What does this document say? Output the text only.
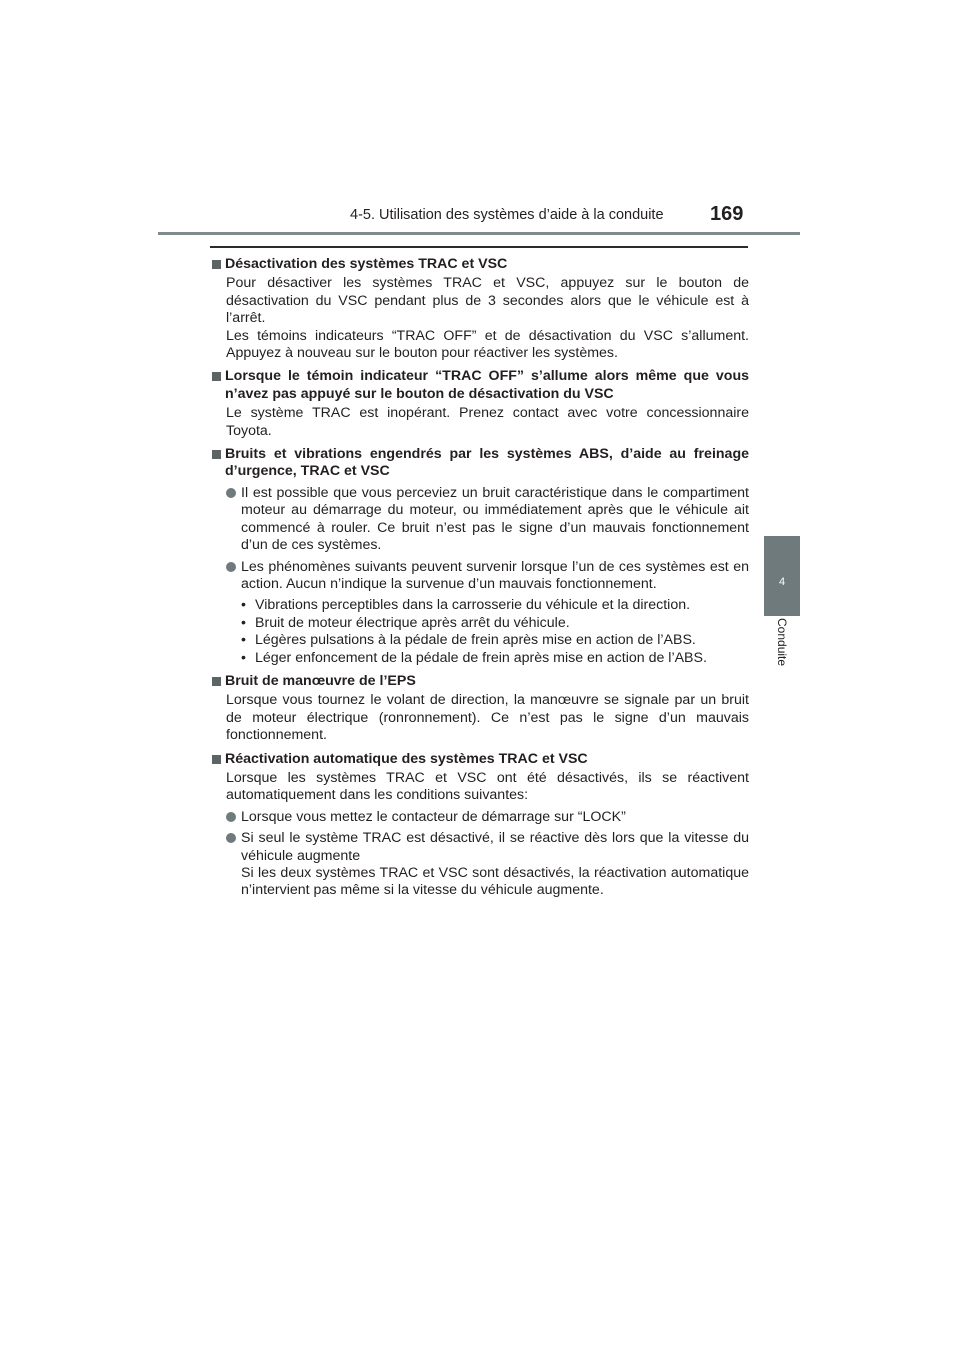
4-5. Utilisation des systèmes d’aide à la conduite 169
4
Conduite
Désactivation des systèmes TRAC et VSC
Pour désactiver les systèmes TRAC et VSC, appuyez sur le bouton de désactivation du VSC pendant plus de 3 secondes alors que le véhicule est à l’arrêt.
Les témoins indicateurs “TRAC OFF” et de désactivation du VSC s’allument. Appuyez à nouveau sur le bouton pour réactiver les systèmes.
Lorsque le témoin indicateur “TRAC OFF” s’allume alors même que vous n’avez pas appuyé sur le bouton de désactivation du VSC
Le système TRAC est inopérant. Prenez contact avec votre concessionnaire Toyota.
Bruits et vibrations engendrés par les systèmes ABS, d’aide au freinage d’urgence, TRAC et VSC
Il est possible que vous perceviez un bruit caractéristique dans le compartiment moteur au démarrage du moteur, ou immédiatement après que le véhicule ait commencé à rouler. Ce bruit n’est pas le signe d’un mauvais fonctionnement d’un de ces systèmes.
Les phénomènes suivants peuvent survenir lorsque l’un de ces systèmes est en action. Aucun n’indique la survenue d’un mauvais fonctionnement.
• Vibrations perceptibles dans la carrosserie du véhicule et la direction.
• Bruit de moteur électrique après arrêt du véhicule.
• Légères pulsations à la pédale de frein après mise en action de l’ABS.
• Léger enfoncement de la pédale de frein après mise en action de l’ABS.
Bruit de manœuvre de l’EPS
Lorsque vous tournez le volant de direction, la manœuvre se signale par un bruit de moteur électrique (ronronnement). Ce n’est pas le signe d’un mauvais fonctionnement.
Réactivation automatique des systèmes TRAC et VSC
Lorsque les systèmes TRAC et VSC ont été désactivés, ils se réactivent automatiquement dans les conditions suivantes:
Lorsque vous mettez le contacteur de démarrage sur “LOCK”
Si seul le système TRAC est désactivé, il se réactive dès lors que la vitesse du véhicule augmente
Si les deux systèmes TRAC et VSC sont désactivés, la réactivation automatique n’intervient pas même si la vitesse du véhicule augmente.
